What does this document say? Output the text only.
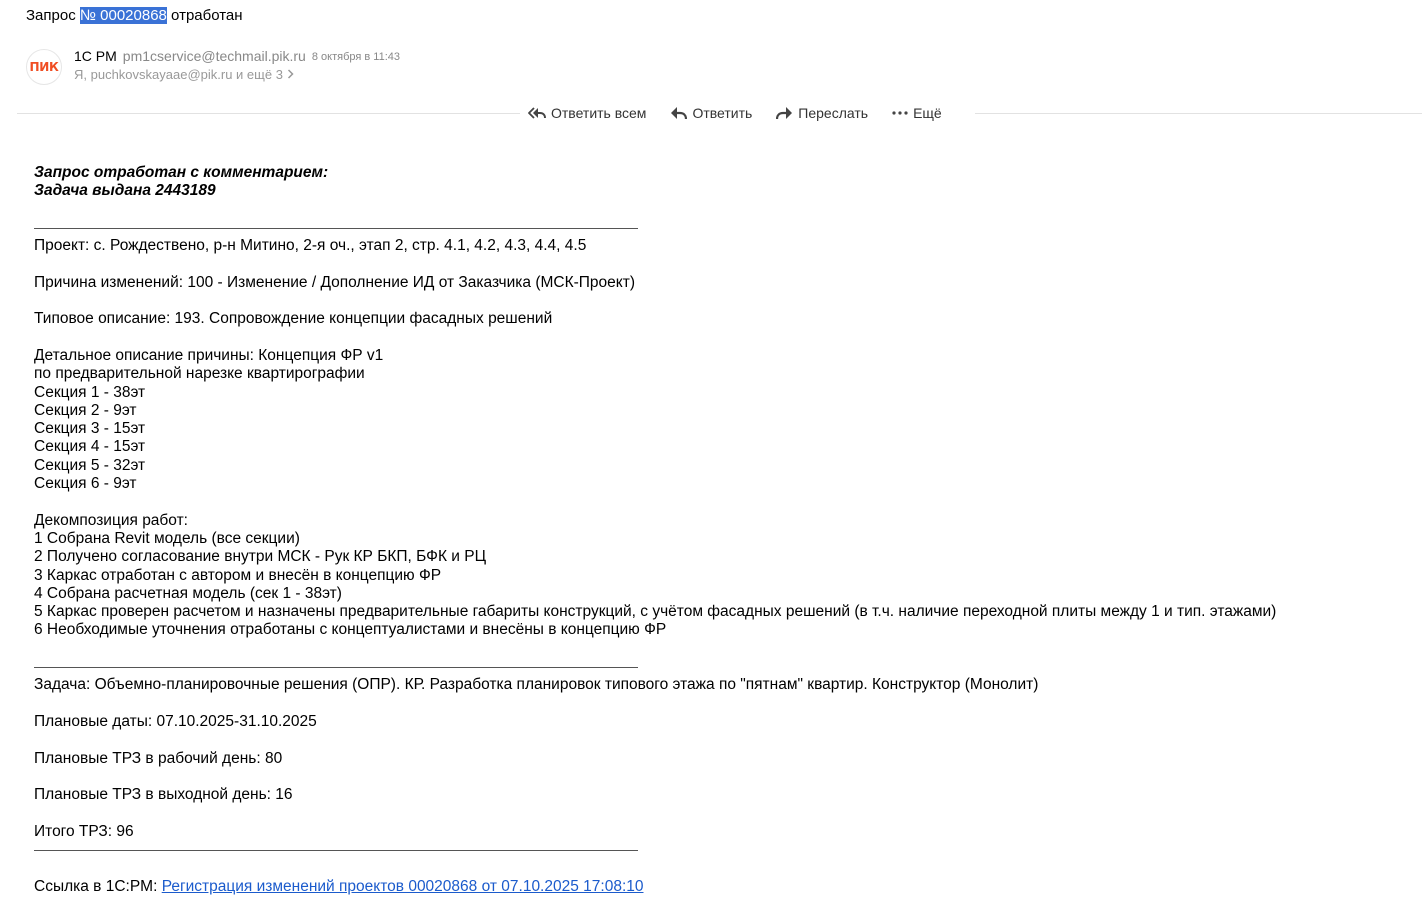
Запрос № 00020868 отработан
ПИК
1С PM pm1cservice@techmail.pik.ru 8 октября в 11:43
Я, puchkovskayaae@pik.ru и ещё 3
Ответить всем	Ответить	Переслать	Ещё
Запрос отработан с комментарием:
Задача выдана 2443189
Проект: с. Рождествено, р-н Митино, 2-я оч., этап 2, стр. 4.1, 4.2, 4.3, 4.4, 4.5
Причина изменений: 100 - Изменение / Дополнение ИД от Заказчика (МСК-Проект)
Типовое описание: 193. Сопровождение концепции фасадных решений
Детальное описание причины: Концепция ФР v1
по предварительной нарезке квартирографии
Секция 1 - 38эт
Секция 2 - 9эт
Секция 3 - 15эт
Секция 4 - 15эт
Секция 5 - 32эт
Секция 6 - 9эт
Декомпозиция работ:
1 Собрана Revit модель (все секции)
2 Получено согласование внутри МСК - Рук КР БКП, БФК и РЦ
3 Каркас отработан с автором и внесён в концепцию ФР
4 Собрана расчетная модель (сек 1 - 38эт)
5 Каркас проверен расчетом и назначены предварительные габариты конструкций, с учётом фасадных решений (в т.ч. наличие переходной плиты между 1 и тип. этажами)
6 Необходимые уточнения отработаны с концептуалистами и внесёны в концепцию ФР
Задача: Объемно-планировочные решения (ОПР). КР. Разработка планировок типового этажа по "пятнам" квартир. Конструктор (Монолит)
Плановые даты: 07.10.2025-31.10.2025
Плановые ТРЗ в рабочий день: 80
Плановые ТРЗ в выходной день: 16
Итого ТРЗ: 96
Ссылка в 1С:PM: Регистрация изменений проектов 00020868 от 07.10.2025 17:08:10
